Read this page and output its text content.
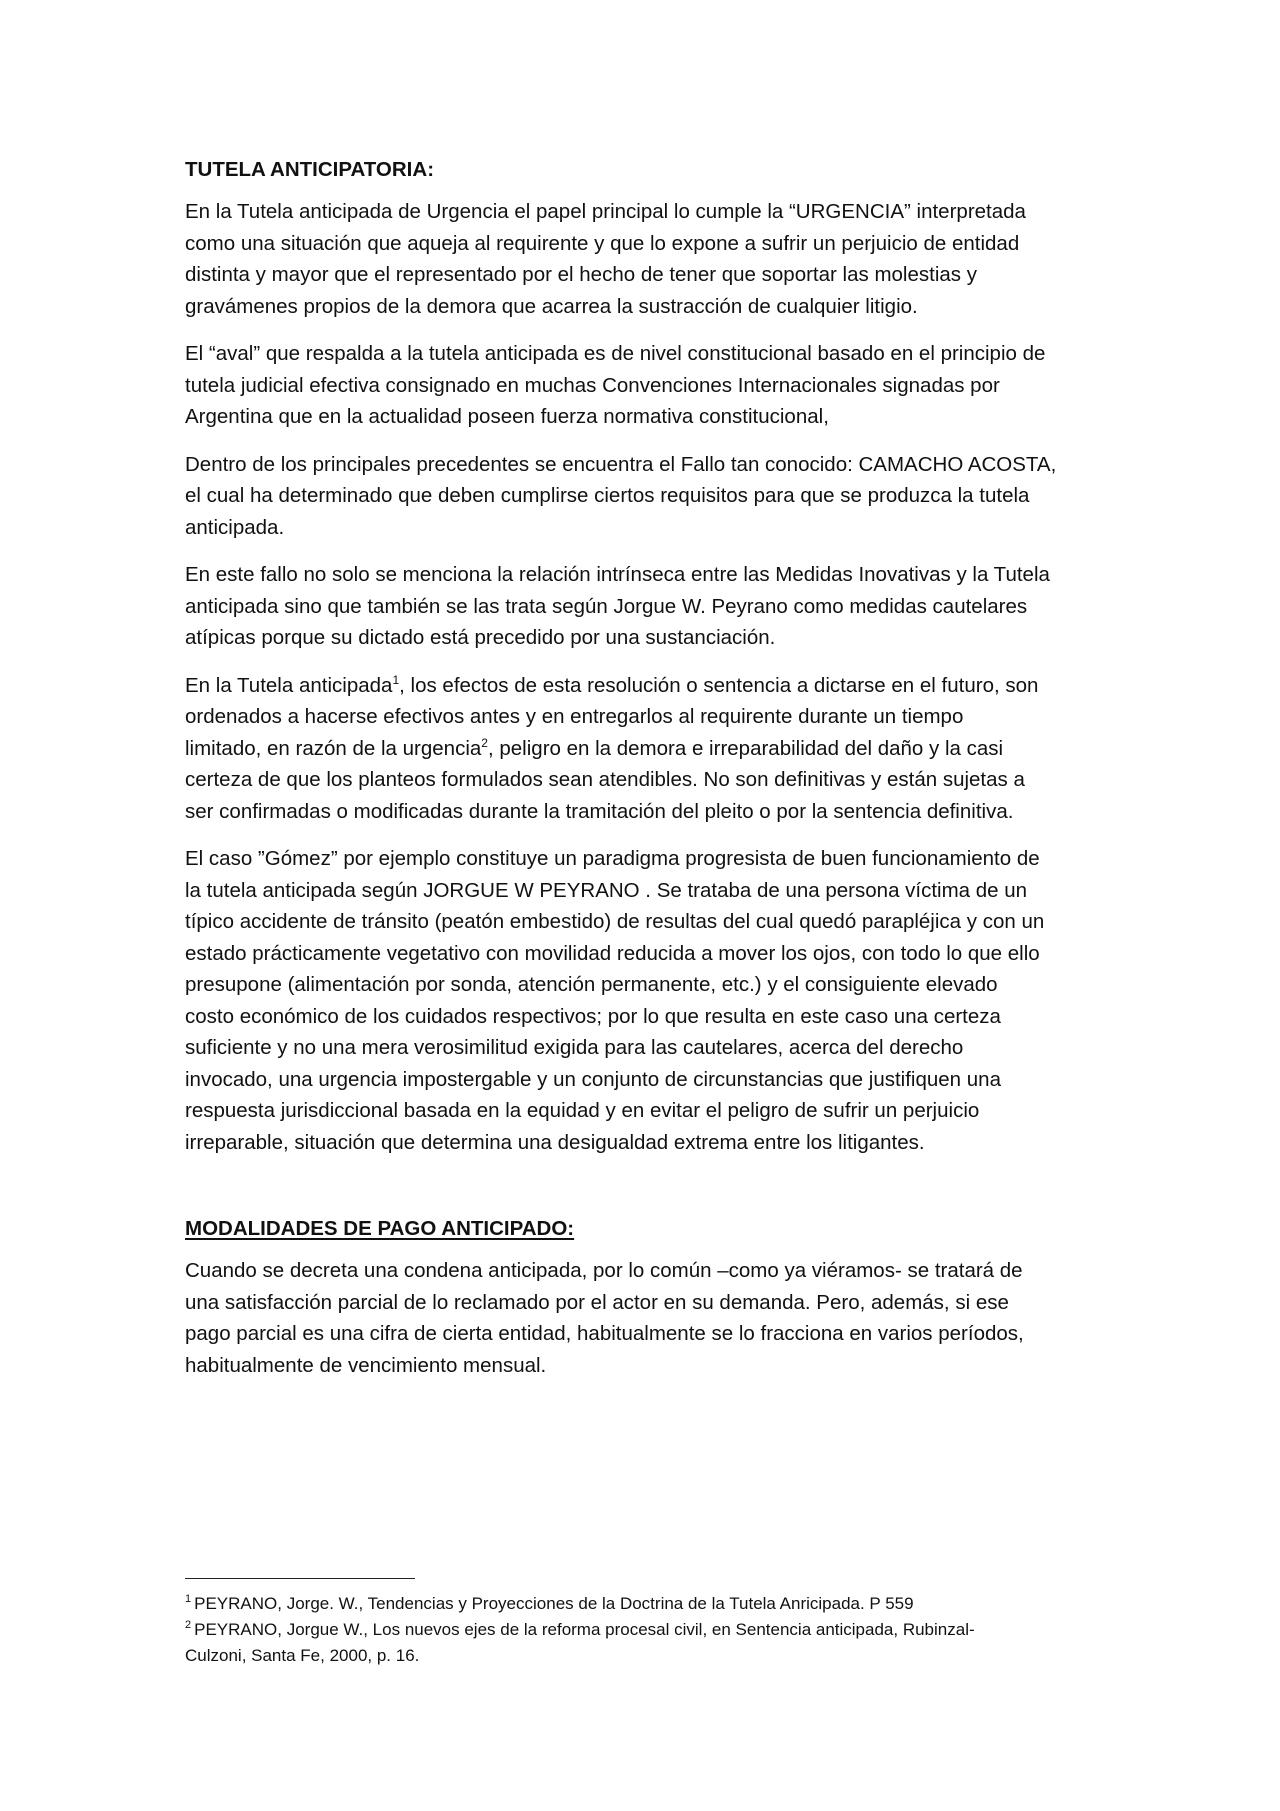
TUTELA ANTICIPATORIA:
En la Tutela anticipada de Urgencia el papel principal lo cumple la “URGENCIA” interpretada
como una situación que aqueja al requirente y que lo expone a sufrir un perjuicio de entidad
distinta y mayor que el representado por el hecho de tener que soportar las molestias y
gravámenes propios de la demora que acarrea la sustracción de cualquier litigio.
El “aval” que respalda a la tutela anticipada es de nivel constitucional basado en el principio de
tutela judicial efectiva consignado en muchas Convenciones Internacionales signadas por
Argentina que en la actualidad poseen fuerza normativa constitucional,
Dentro de los principales precedentes se encuentra el Fallo tan conocido: CAMACHO ACOSTA,
el cual ha determinado que deben cumplirse ciertos requisitos para que se produzca la tutela
anticipada.
En este fallo no solo se menciona la relación intrínseca entre las Medidas Inovativas y la Tutela
anticipada sino que también se las trata según Jorgue W. Peyrano como medidas cautelares
atípicas porque su dictado está precedido por una sustanciación.
En la Tutela anticipada$^1$, los efectos de esta resolución o sentencia a dictarse en el futuro, son
ordenados a hacerse efectivos antes y en entregarlos al requirente durante un tiempo
limitado, en razón de la urgencia$^2$, peligro en la demora e irreparabilidad del daño y la casi
certeza de que los planteos formulados sean atendibles. No son definitivas y están sujetas a
ser confirmadas o modificadas durante la tramitación del pleito o por la sentencia definitiva.
El caso ”Gómez” por ejemplo constituye un paradigma progresista de buen funcionamiento de
la tutela anticipada según JORGUE W PEYRANO . Se trataba de una persona víctima de un
típico accidente de tránsito (peatón embestido) de resultas del cual quedó parapléjica y con un
estado prácticamente vegetativo con movilidad reducida a mover los ojos, con todo lo que ello
presupone (alimentación por sonda, atención permanente, etc.) y el consiguiente elevado
costo económico de los cuidados respectivos; por lo que resulta en este caso una certeza
suficiente y no una mera verosimilitud exigida para las cautelares, acerca del derecho
invocado, una urgencia impostergable y un conjunto de circunstancias que justifiquen una
respuesta jurisdiccional basada en la equidad y en evitar el peligro de sufrir un perjuicio
irreparable, situación que determina una desigualdad extrema entre los litigantes.
MODALIDADES DE PAGO ANTICIPADO:
Cuando se decreta una condena anticipada, por lo común –como ya viéramos- se tratará de
una satisfacción parcial de lo reclamado por el actor en su demanda. Pero, además, si ese
pago parcial es una cifra de cierta entidad, habitualmente se lo fracciona en varios períodos,
habitualmente de vencimiento mensual.
$^1$ PEYRANO, Jorge. W., Tendencias y Proyecciones de la Doctrina de la Tutela Anricipada. P 559
$^2$ PEYRANO, Jorgue W., Los nuevos ejes de la reforma procesal civil, en Sentencia anticipada, Rubinzal-
Culzoni, Santa Fe, 2000, p. 16.
